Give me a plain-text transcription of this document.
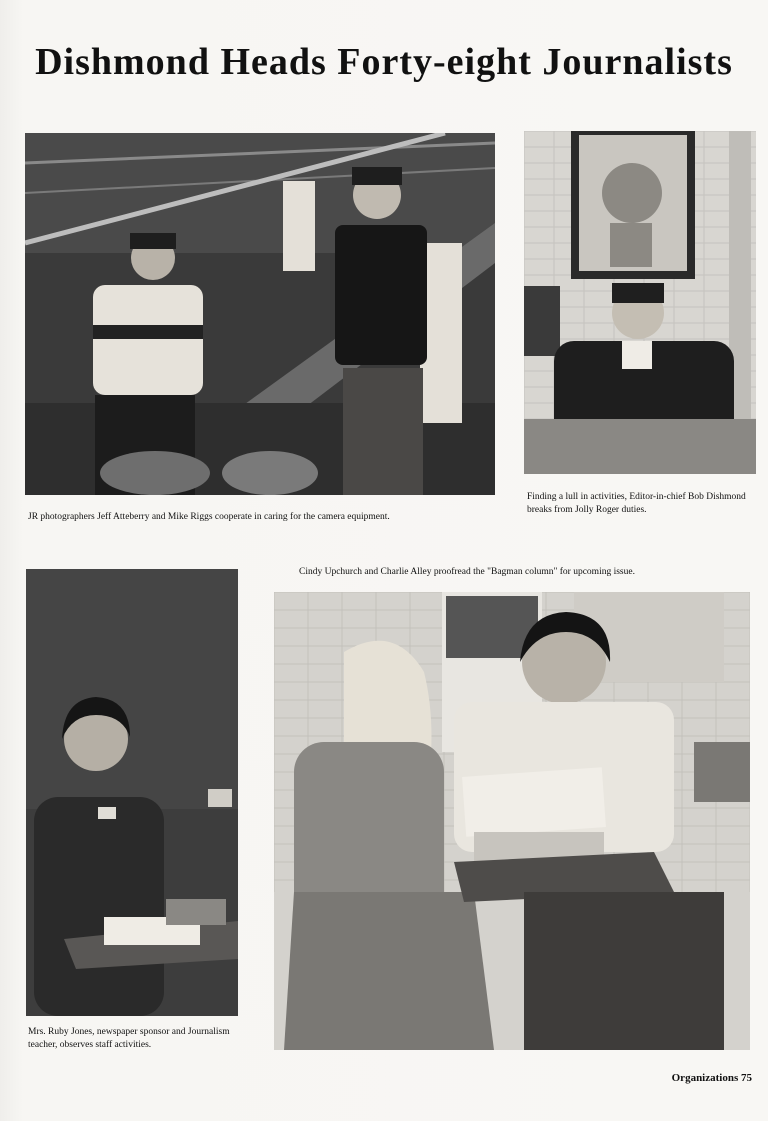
Dishmond Heads Forty-eight Journalists
JR photographers Jeff Atteberry and Mike Riggs cooperate in caring for the camera equipment.
Finding a lull in activities, Editor-in-chief Bob Dishmond breaks from Jolly Roger duties.
Mrs. Ruby Jones, newspaper sponsor and Journalism teacher, observes staff activities.
Cindy Upchurch and Charlie Alley proofread the "Bagman column" for upcoming issue.
Organizations 75
